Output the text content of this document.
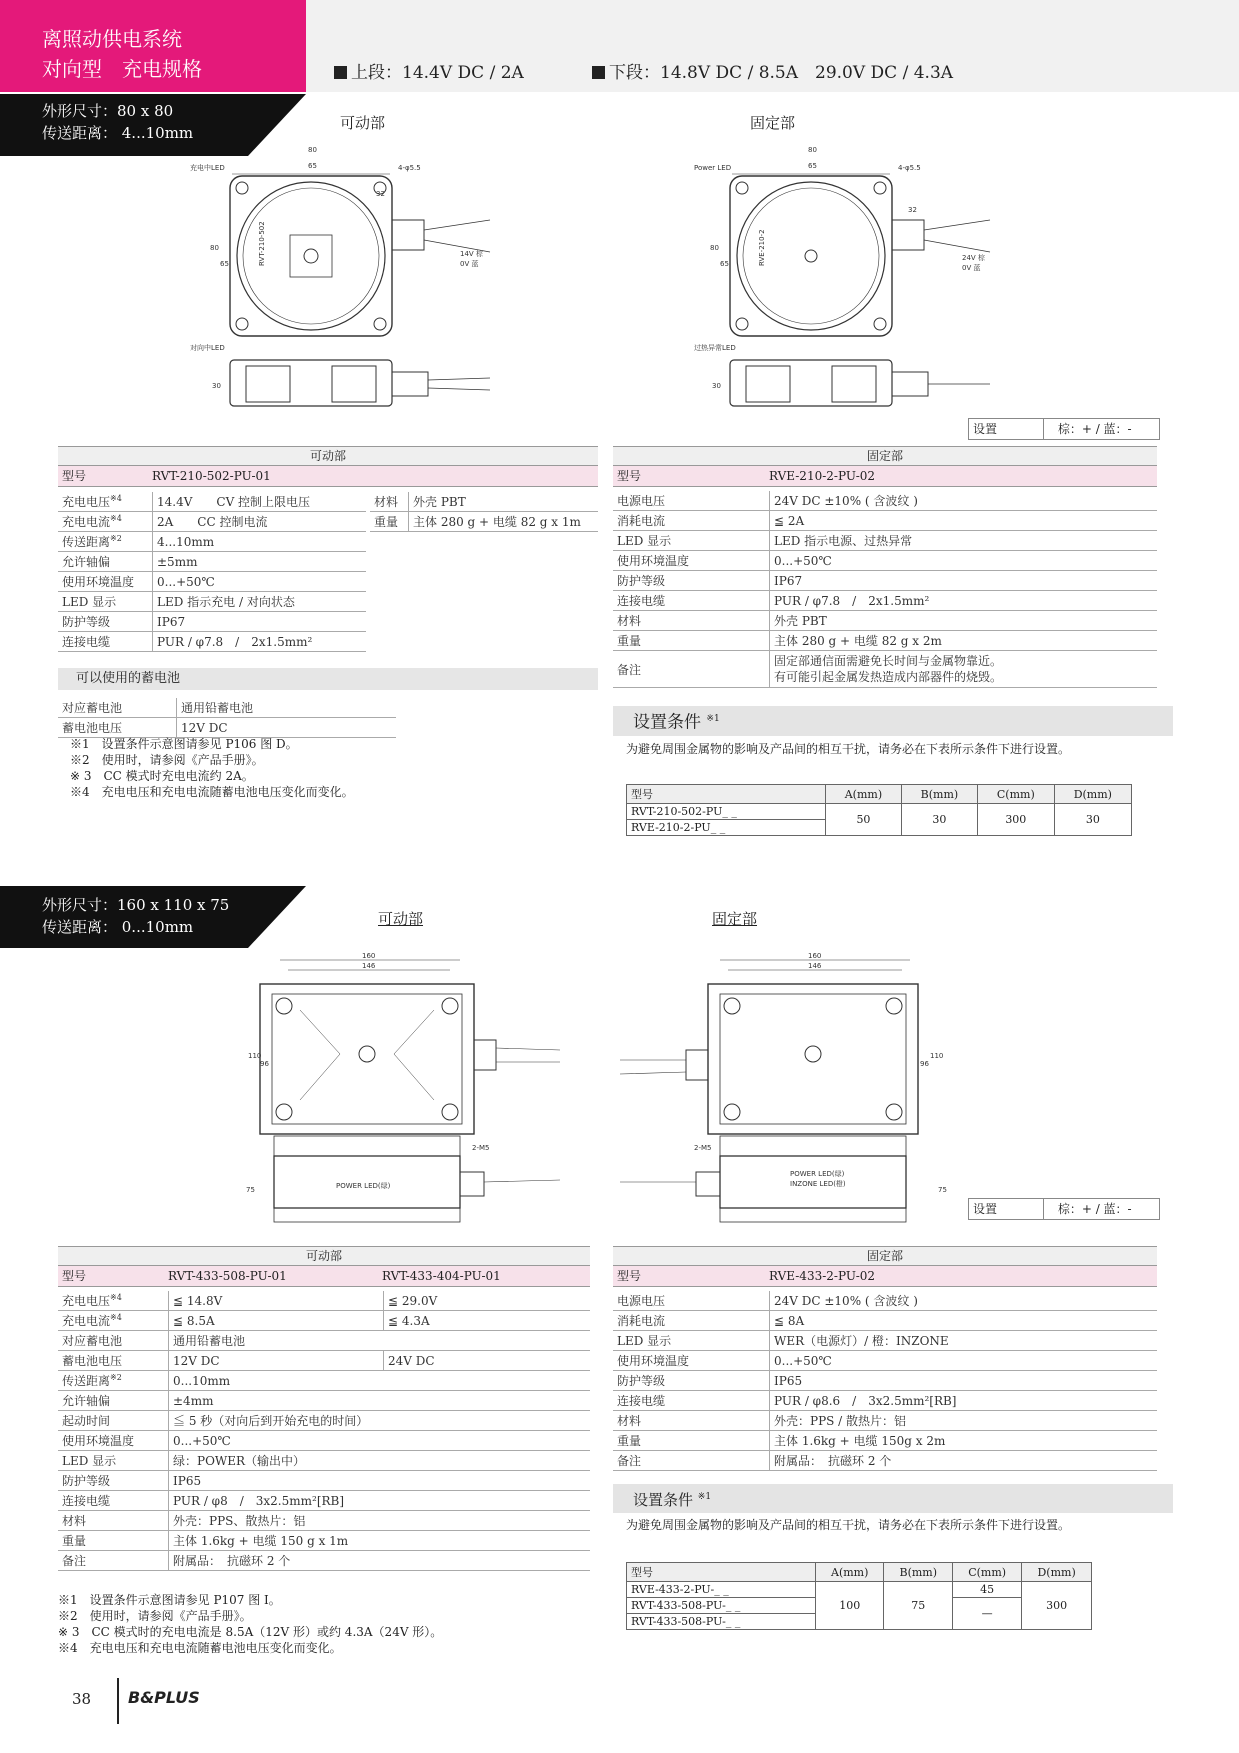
离照动供电系统
对向型　充电规格	上段：14.4V DC / 2A	下段：14.8V DC / 8.5A　29.0V DC / 4.3A
外形尺寸：80 x 80
传送距离： 4...10mm
可动部	固定部
80
65	4-φ5.5
充电中LED
RVT-210-502	14V 棕
0V 蓝
32
80
65
对向中LED
30
80
65	4-φ5.5
Power LED
RVE-210-2	24V 棕
0V 蓝
32
80
65
过热异常LED
30
设置	棕：+ / 蓝：-
可动部
型号	RVT-210-502-PU-01
充电电压$^{※4}$	14.4V　　CV 控制上限电压
充电电流$^{※4}$	2A　　CC 控制电流
传送距离$^{※2}$	4...10mm
允许轴偏	±5mm
使用环境温度	0...+50℃
LED 显示	LED 指示充电 / 对向状态
防护等级	IP67
连接电缆	PUR / φ7.8　/　2x1.5mm²
材料	外壳 PBT
重量	主体 280 g + 电缆 82 g x 1m
可以使用的蓄电池
对应蓄电池	通用铅蓄电池
蓄电池电压	12V DC
※1　设置条件示意图请参见 P106 图 D。
※2　使用时，请参阅《产品手册》。
※ 3　CC 模式时充电电流约 2A。
※4　充电电压和充电电流随蓄电池电压变化而变化。
固定部
型号	RVE-210-2-PU-02
电源电压	24V DC ±10% ( 含波纹 )
消耗电流	≦ 2A
LED 显示	LED 指示电源、过热异常
使用环境温度	0...+50℃
防护等级	IP67
连接电缆	PUR / φ7.8　/　2x1.5mm²
材料	外壳 PBT
重量	主体 280 g + 电缆 82 g x 2m
备注	固定部通信面需避免长时间与金属物靠近。
有可能引起金属发热造成内部器件的烧毁。
设置条件 $^{※1}$
为避免周围金属物的影响及产品间的相互干扰，请务必在下表所示条件下进行设置。
型号	A(mm)	B(mm)	C(mm)	D(mm)
RVT-210-502-PU_ _	50	30	300	30
RVE-210-2-PU_ _				
外形尺寸：160 x 110 x 75
传送距离： 0...10mm	可动部	固定部
160
146
110
96
2-M5
POWER LED(绿)
75
160
146
110
96
2-M5
POWER LED(绿)
INZONE LED(橙)
75
设置	棕：+ / 蓝：-
可动部
型号	RVT-433-508-PU-01	RVT-433-404-PU-01
充电电压$^{※4}$	≦ 14.8V	≦ 29.0V
充电电流$^{※4}$	≦ 8.5A	≦ 4.3A
对应蓄电池	通用铅蓄电池	
蓄电池电压	12V DC	24V DC
传送距离$^{※2}$	0...10mm	
允许轴偏	±4mm	
起动时间	≦ 5 秒（对向后到开始充电的时间）	
使用环境温度	0...+50℃	
LED 显示	绿：POWER（输出中）	
防护等级	IP65	
连接电缆	PUR / φ8　/　3x2.5mm²[RB]	
材料	外壳：PPS、散热片：铝	
重量	主体 1.6kg + 电缆 150 g x 1m	
备注	附属品：　抗磁环 2 个	
※1　设置条件示意图请参见 P107 图 I。
※2　使用时，请参阅《产品手册》。
※ 3　CC 模式时的充电电流是 8.5A（12V 形）或约 4.3A（24V 形）。
※4　充电电压和充电电流随蓄电池电压变化而变化。
固定部
型号	RVE-433-2-PU-02
电源电压	24V DC ±10% ( 含波纹 )
消耗电流	≦ 8A
LED 显示	WER（电源灯）/ 橙：INZONE
使用环境温度	0...+50℃
防护等级	IP65
连接电缆	PUR / φ8.6　/　3x2.5mm²[RB]
材料	外壳：PPS / 散热片：铝
重量	主体 1.6kg + 电缆 150g x 2m
备注	附属品：　抗磁环 2 个
设置条件 $^{※1}$
为避免周围金属物的影响及产品间的相互干扰，请务必在下表所示条件下进行设置。
型号	A(mm)	B(mm)	C(mm)	D(mm)
RVE-433-2-PU-_ _	100	75	45	300
RVT-433-508-PU-_ _			—	
RVT-433-508-PU-_ _				
38 B&PLUS
